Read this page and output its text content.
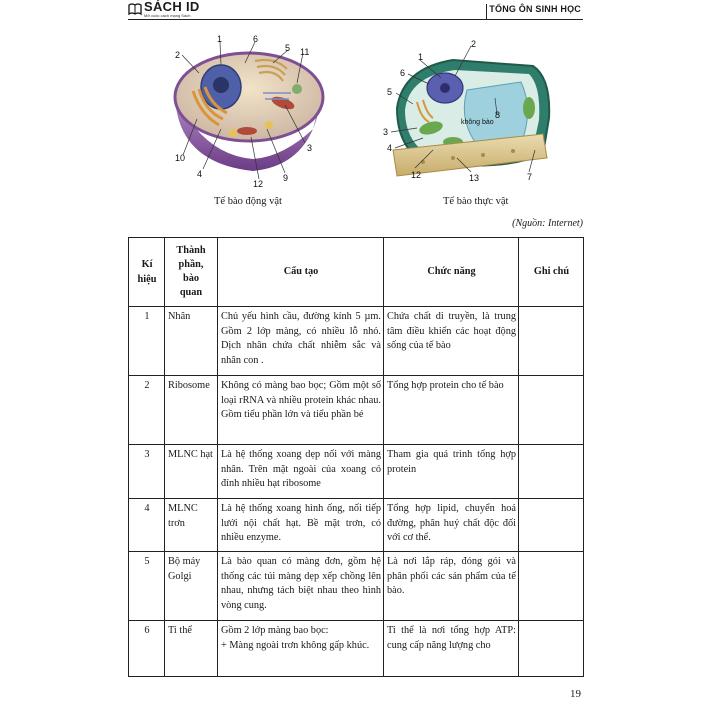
SÁCH ID
Mở cuộc cách mạng Sách
TỔNG ÔN SINH HỌC
1	6
2
5 11
3
10
4
12
9
Tế bào động vật
không bào
1
2
6
5
8
3
4
12	13	7
Tế bào thực vật
(Nguồn: Internet)
Kí hiệu	Thành
phần,
bào
quan	Cấu tạo	Chức năng	Ghi chú
1	Nhân	Chủ yếu hình cầu, đường kính 5 µm. Gồm 2 lớp màng, có nhiều lỗ nhỏ. Dịch nhân chứa chất nhiễm sắc và nhân con .	Chứa chất di truyền, là trung tâm điều khiển các hoạt động sống của tế bào	
2	Ribosome	Không có màng bao bọc; Gồm một số loại rRNA và nhiều protein khác nhau. Gồm tiểu phần lớn và tiểu phần bé	Tổng hợp protein cho tế bào	
3	MLNC hạt	Là hệ thống xoang dẹp nối với màng nhân. Trên mặt ngoài của xoang có đính nhiều hạt ribosome	Tham gia quá trình tổng hợp protein	
4	MLNC trơn	Là hệ thống xoang hình ống, nối tiếp lưới nội chất hạt. Bề mặt trơn, có nhiều enzyme.	Tổng hợp lipid, chuyển hoá đường, phân huỷ chất độc đối với cơ thể.	
5	Bộ máy Golgi	Là bào quan có màng đơn, gồm hệ thống các túi màng dẹp xếp chồng lên nhau, nhưng tách biệt nhau theo hình vòng cung.	Là nơi lắp ráp, đóng gói và phân phối các sản phẩm của tế bào.	
6	Ti thể	Gồm 2 lớp màng bao bọc:
+ Màng ngoài trơn không gấp khúc.	Ti thể là nơi tổng hợp ATP: cung cấp năng lượng cho	
19
